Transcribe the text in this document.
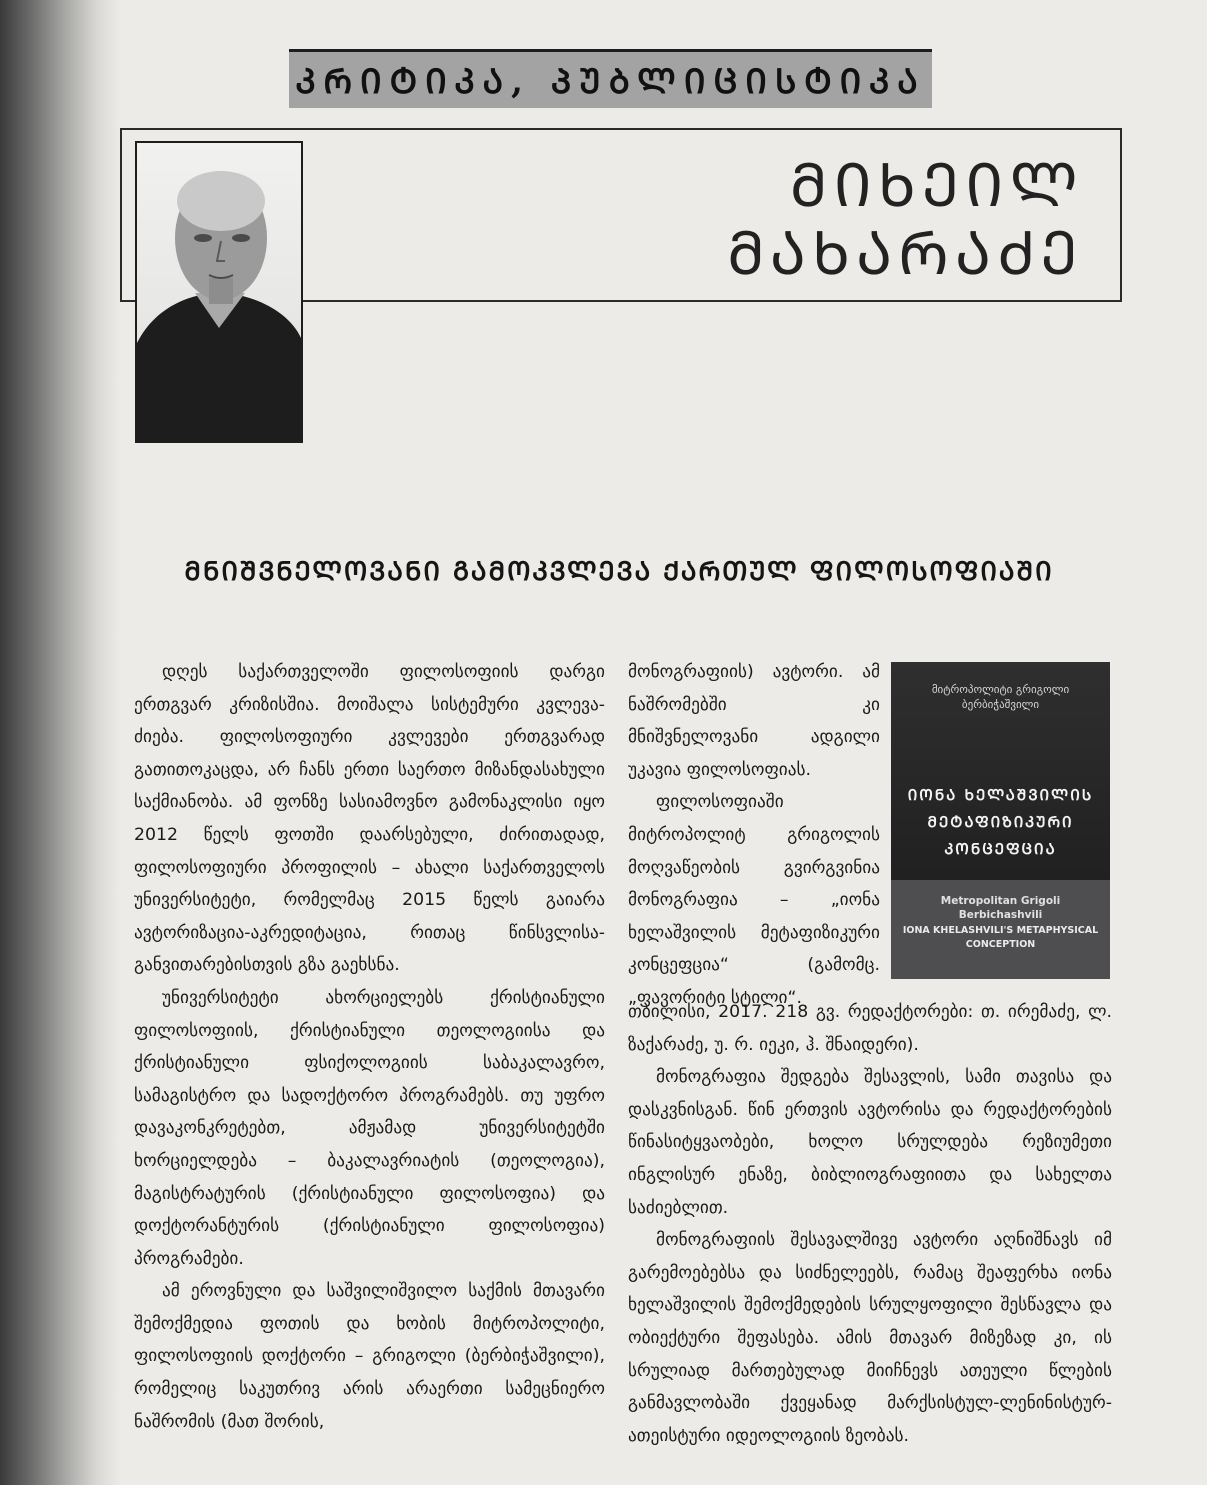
ᲙᲠᲘᲢᲘᲙᲐ, ᲞᲣᲑᲚᲘᲪᲘᲡᲢᲘᲙᲐ
ᲛᲘᲮᲔᲘᲚ
ᲛᲐᲮᲐᲠᲐᲫᲔ
ᲛᲜᲘᲨᲕᲜᲔᲚᲝᲕᲐᲜᲘ ᲒᲐᲛᲝᲙᲕᲚᲔᲕᲐ ᲥᲐᲠᲗᲣᲚ ᲤᲘᲚᲝᲡᲝᲤᲘᲐᲨᲘ

დღეს საქართველოში ფილოსოფიის დარგი ერთგვარ კრიზისშია. მოიშალა სისტემური კვლევა-ძიება. ფილოსოფიური კვლევები ერთგვარად გათითოკაცდა, არ ჩანს ერთი საერთო მიზანდასახული საქმიანობა. ამ ფონზე სასიამოვნო გამონაკლისი იყო 2012 წელს ფოთში დაარსებული, ძირითადად, ფილოსოფიური პროფილის – ახალი საქართველოს უნივერსიტეტი, რომელმაც 2015 წელს გაიარა ავტორიზაცია-აკრედიტაცია, რითაც წინსვლისა-განვითარებისთვის გზა გაეხსნა.

უნივერსიტეტი ახორციელებს ქრისტიანული ფილოსოფიის, ქრისტიანული თეოლოგიისა და ქრისტიანული ფსიქოლოგიის საბაკალავრო, სამაგისტრო და სადოქტორო პროგრამებს. თუ უფრო დავაკონკრეტებთ, ამჟამად უნივერსიტეტში ხორციელდება – ბაკალავრიატის (თეოლოგია), მაგისტრატურის (ქრისტიანული ფილოსოფია) და დოქტორანტურის (ქრისტიანული ფილოსოფია) პროგრამები.

ამ ეროვნული და საშვილიშვილო საქმის მთავარი შემოქმედია ფოთის და ხობის მიტროპოლიტი, ფილოსოფიის დოქტორი – გრიგოლი (ბერბიჭაშვილი), რომელიც საკუთრივ არის არაერთი სამეცნიერო ნაშრომის (მათ შორის,

მონოგრაფიის) ავტორი. ამ ნაშრომებში კი მნიშვნელოვანი ადგილი უკავია ფილოსოფიას.

ფილოსოფიაში მიტროპოლიტ გრიგოლის მოღვაწეობის გვირგვინია მონოგრაფია – „იონა ხელაშვილის მეტაფიზიკური კონცეფცია“ (გამომც. „ფავორიტი სტილი“.

მიტროპოლიტი გრიგოლი
ბერბიჭაშვილი
ᲘᲝᲜᲐ ᲮᲔᲚᲐᲨᲕᲘᲚᲘᲡ ᲛᲔᲢᲐᲤᲘᲖᲘᲙᲣᲠᲘ ᲙᲝᲜᲪᲔᲤᲪᲘᲐ
Metropolitan Grigoli
Berbichashvili
IONA KHELASHVILI'S METAPHYSICAL CONCEPTION

თბილისი, 2017. 218 გვ. რედაქტორები: თ. ირემაძე, ლ. ზაქარაძე, უ. რ. იეკი, ჰ. შნაიდერი).

მონოგრაფია შედგება შესავლის, სამი თავისა და დასკვნისგან. წინ ერთვის ავტორისა და რედაქტორების წინასიტყვაობები, ხოლო სრულდება რეზიუმეთი ინგლისურ ენაზე, ბიბლიოგრაფიითა და სახელთა საძიებლით.

მონოგრაფიის შესავალშივე ავტორი აღნიშნავს იმ გარემოებებსა და სიძნელეებს, რამაც შეაფერხა იონა ხელაშვილის შემოქმედების სრულყოფილი შესწავლა და ობიექტური შეფასება. ამის მთავარ მიზეზად კი, ის სრულიად მართებულად მიიჩნევს ათეული წლების განმავლობაში ქვეყანად მარქსისტულ-ლენინისტურ-ათეისტური იდეოლოგიის ზეობას.
